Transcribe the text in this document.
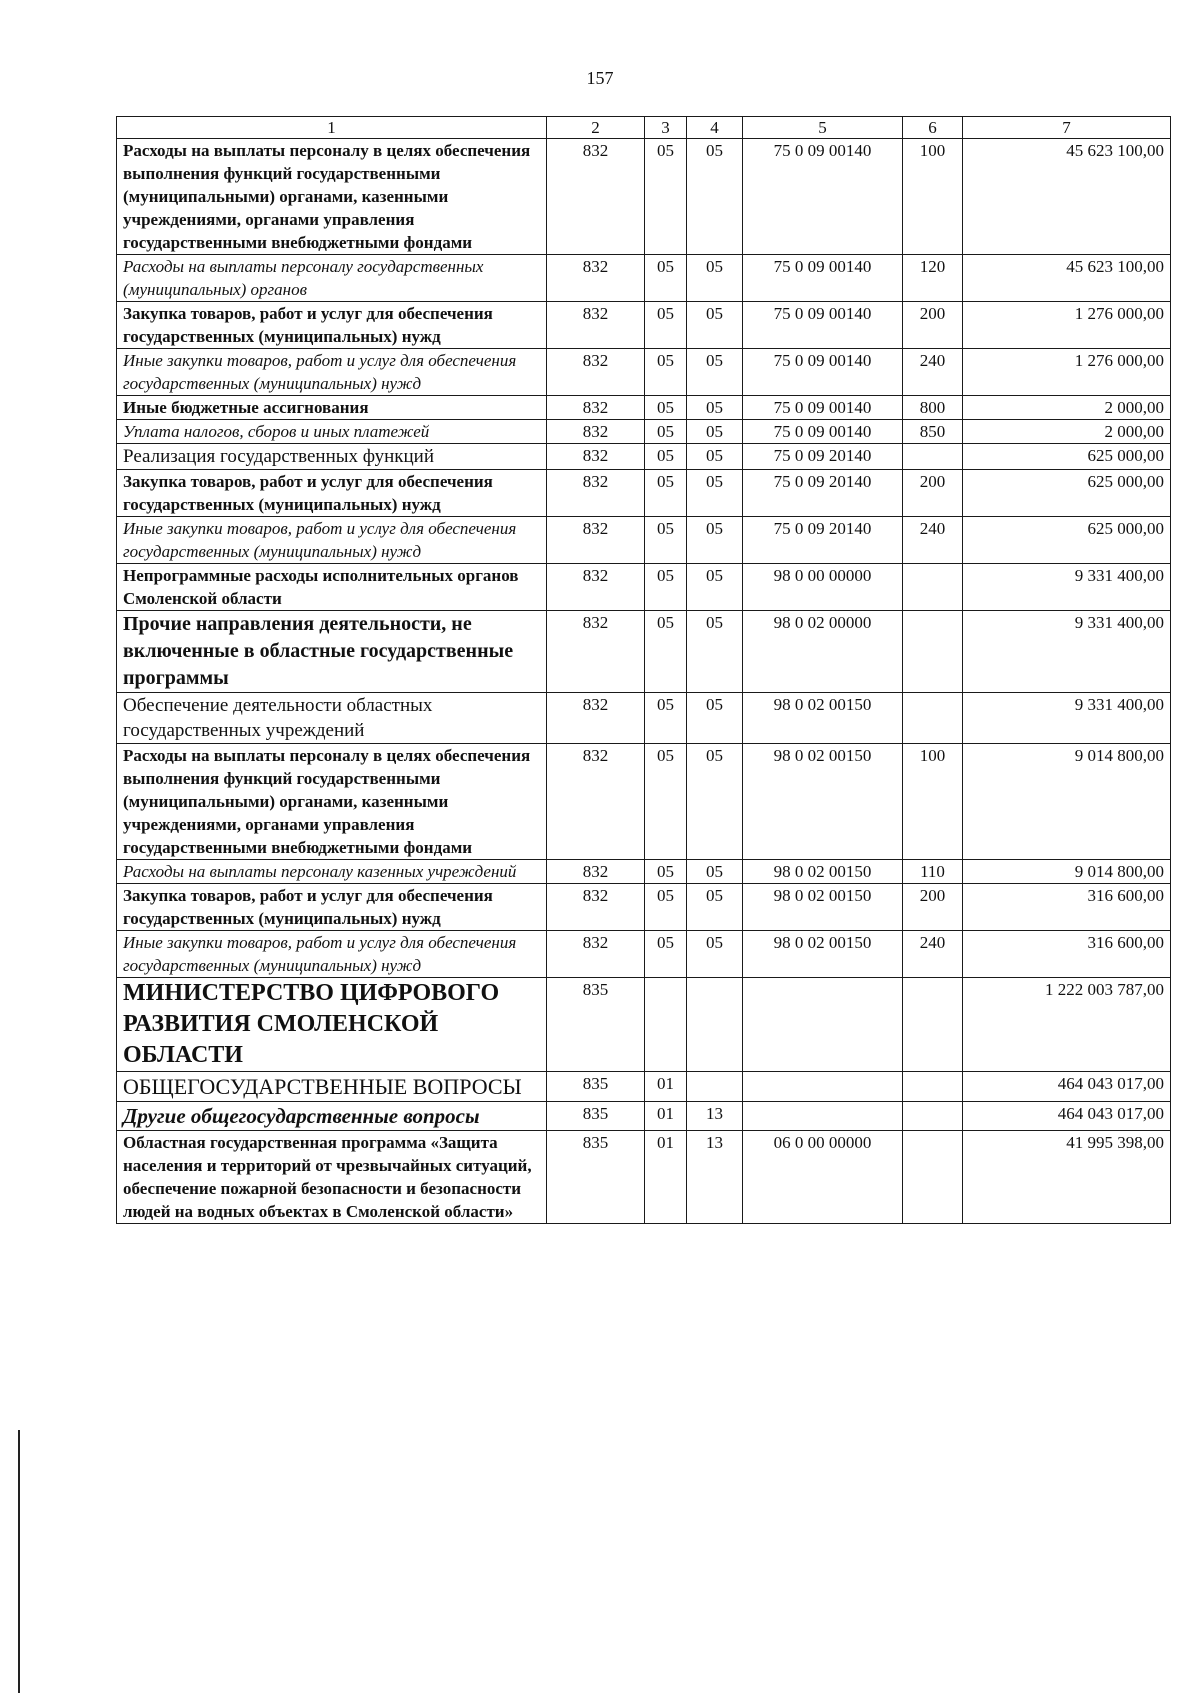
157
1	2	3	4	5	6	7
Расходы на выплаты персоналу в целях обеспечения выполнения функций государственными (муниципальными) органами, казенными учреждениями, органами управления государственными внебюджетными фондами	832	05	05	75 0 09 00140	100	45 623 100,00
Расходы на выплаты персоналу государственных (муниципальных) органов	832	05	05	75 0 09 00140	120	45 623 100,00
Закупка товаров, работ и услуг для обеспечения государственных (муниципальных) нужд	832	05	05	75 0 09 00140	200	1 276 000,00
Иные закупки товаров, работ и услуг для обеспечения государственных (муниципальных) нужд	832	05	05	75 0 09 00140	240	1 276 000,00
Иные бюджетные ассигнования	832	05	05	75 0 09 00140	800	2 000,00
Уплата налогов, сборов и иных платежей	832	05	05	75 0 09 00140	850	2 000,00
Реализация государственных функций	832	05	05	75 0 09 20140		625 000,00
Закупка товаров, работ и услуг для обеспечения государственных (муниципальных) нужд	832	05	05	75 0 09 20140	200	625 000,00
Иные закупки товаров, работ и услуг для обеспечения государственных (муниципальных) нужд	832	05	05	75 0 09 20140	240	625 000,00
Непрограммные расходы исполнительных органов Смоленской области	832	05	05	98 0 00 00000		9 331 400,00
Прочие направления деятельности, не включенные в областные государственные программы	832	05	05	98 0 02 00000		9 331 400,00
Обеспечение деятельности областных государственных учреждений	832	05	05	98 0 02 00150		9 331 400,00
Расходы на выплаты персоналу в целях обеспечения выполнения функций государственными (муниципальными) органами, казенными учреждениями, органами управления государственными внебюджетными фондами	832	05	05	98 0 02 00150	100	9 014 800,00
Расходы на выплаты персоналу казенных учреждений	832	05	05	98 0 02 00150	110	9 014 800,00
Закупка товаров, работ и услуг для обеспечения государственных (муниципальных) нужд	832	05	05	98 0 02 00150	200	316 600,00
Иные закупки товаров, работ и услуг для обеспечения государственных (муниципальных) нужд	832	05	05	98 0 02 00150	240	316 600,00
МИНИСТЕРСТВО ЦИФРОВОГО РАЗВИТИЯ СМОЛЕНСКОЙ ОБЛАСТИ	835					1 222 003 787,00
ОБЩЕГОСУДАРСТВЕННЫЕ ВОПРОСЫ	835	01				464 043 017,00
Другие общегосударственные вопросы	835	01	13			464 043 017,00
Областная государственная программа «Защита населения и территорий от чрезвычайных ситуаций, обеспечение пожарной безопасности и безопасности людей на водных объектах в Смоленской области»	835	01	13	06 0 00 00000		41 995 398,00
